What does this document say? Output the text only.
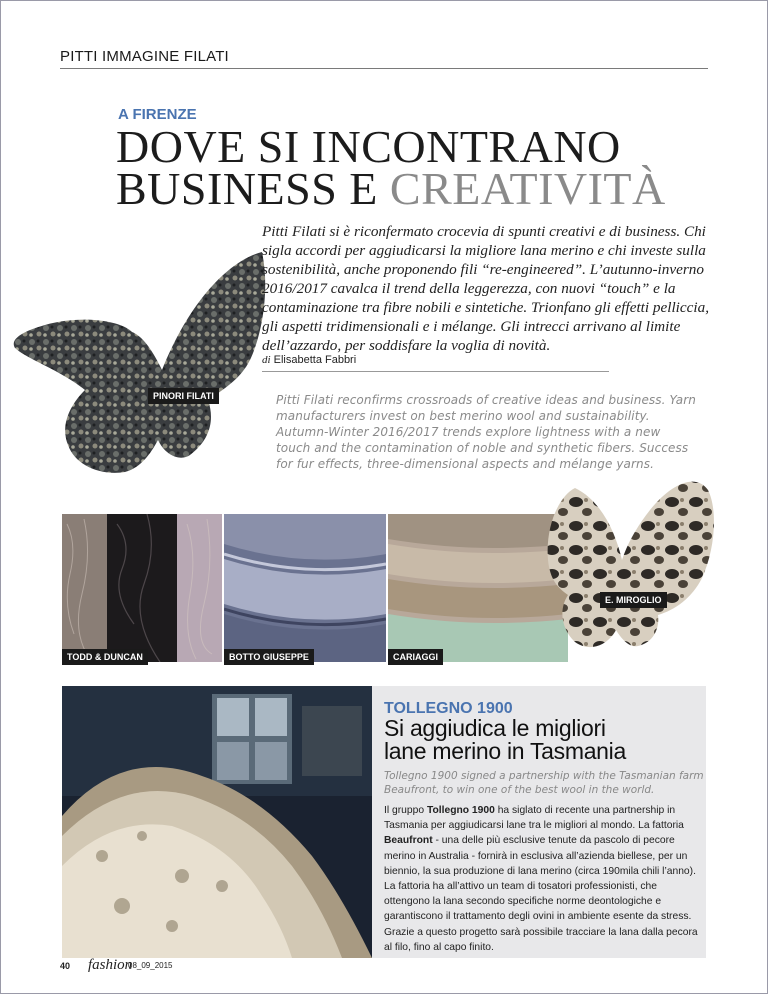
PITTI IMMAGINE FILATI
A FIRENZE
DOVE SI INCONTRANO
BUSINESS E CREATIVITÀ
PINORI FILATI
Pitti Filati si è riconfermato crocevia di spunti creativi e di business. Chi sigla accordi per aggiudicarsi la migliore lana merino e chi investe sulla sostenibilità, anche proponendo fili “re-engineered”. L’autunno-inverno 2016/2017 cavalca il trend della leggerezza, con nuovi “touch” e la contaminazione tra fibre nobili e sintetiche. Trionfano gli effetti pelliccia, gli aspetti tridimensionali e i mélange. Gli intrecci arrivano al limite dell’azzardo, per soddisfare la voglia di novità.
di Elisabetta Fabbri
Pitti Filati reconfirms crossroads of creative ideas and business. Yarn manufacturers invest on best merino wool and sustainability. Autumn-Winter 2016/2017 trends explore lightness with a new touch and the contamination of noble and synthetic fibers. Success for fur effects, three-dimensional aspects and mélange yarns.
TODD & DUNCAN	BOTTO GIUSEPPE	CARIAGGI
E. MIROGLIO
TOLLEGNO 1900
Si aggiudica le migliori
lane merino in Tasmania
Tollegno 1900 signed a partnership with the Tasmanian farm Beaufront, to win one of the best wool in the world.
Il gruppo Tollegno 1900 ha siglato di recente una partnership in Tasmania per aggiudicarsi lane tra le migliori al mondo. La fattoria Beaufront - una delle più esclusive tenute da pascolo di pecore merino in Australia - fornirà in esclusiva all’azienda biellese, per un biennio, la sua produzione di lana merino (circa 190mila chili l’anno). La fattoria ha all’attivo un team di tosatori professionisti, che ottengono la lana secondo specifiche norme deontologiche e garantiscono il trattamento degli ovini in ambiente esente da stress. Grazie a questo progetto sarà possibile tracciare la lana dalla pecora al filo, fino al capo finito.
40 fashion
08_09_2015
